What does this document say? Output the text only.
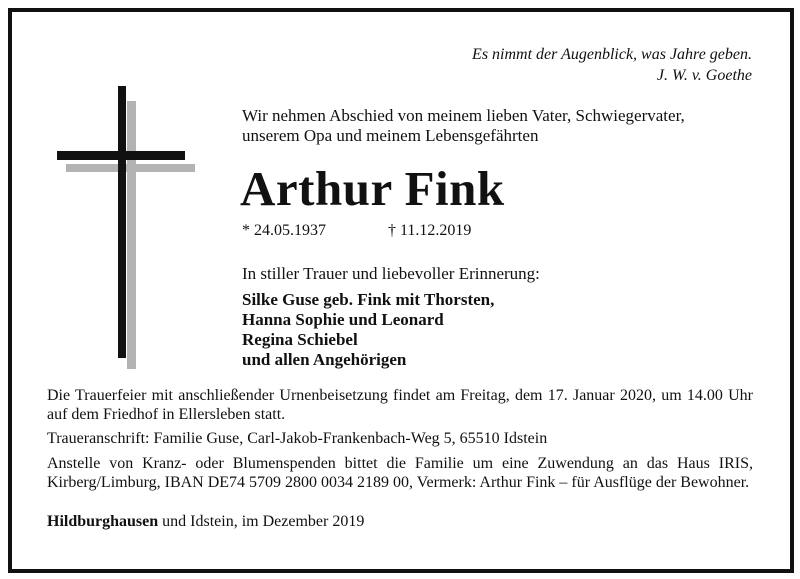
Es nimmt der Augenblick, was Jahre geben.
J. W. v. Goethe
Wir nehmen Abschied von meinem lieben Vater, Schwiegervater,
unserem Opa und meinem Lebensgefährten
Arthur Fink
* 24.05.1937	† 11.12.2019
In stiller Trauer und liebevoller Erinnerung:
Silke Guse geb. Fink mit Thorsten,
Hanna Sophie und Leonard
Regina Schiebel
und allen Angehörigen
Die Trauerfeier mit anschließender Urnenbeisetzung findet am Freitag, dem 17. Januar 2020, um 14.00 Uhr auf dem Friedhof in Ellersleben statt.
Traueranschrift: Familie Guse, Carl-Jakob-Frankenbach-Weg 5, 65510 Idstein
Anstelle von Kranz- oder Blumenspenden bittet die Familie um eine Zuwendung an das Haus IRIS, Kirberg/Limburg, IBAN DE74 5709 2800 0034 2189 00, Vermerk: Arthur Fink – für Ausflüge der Bewohner.
Hildburghausen und Idstein, im Dezember 2019
